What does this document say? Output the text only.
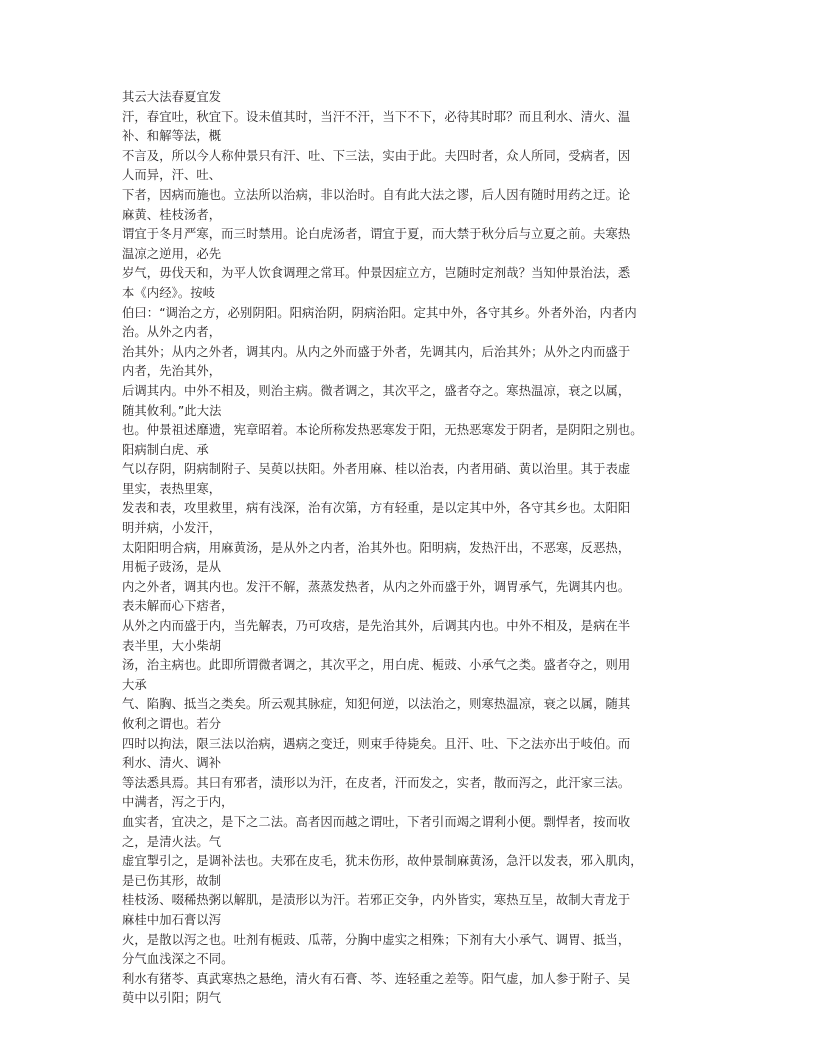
其云大法春夏宜发
汗，春宜吐，秋宜下。设未值其时，当汗不汗，当下不下，必待其时耶？而且利水、清火、温
补、和解等法，概
不言及，所以今人称仲景只有汗、吐、下三法，实由于此。夫四时者，众人所同，受病者，因
人而异，汗、吐、
下者，因病而施也。立法所以治病，非以治时。自有此大法之谬，后人因有随时用药之迂。论
麻黄、桂枝汤者，
谓宜于冬月严寒，而三时禁用。论白虎汤者，谓宜于夏，而大禁于秋分后与立夏之前。夫寒热
温凉之逆用，必先
岁气，毋伐天和，为平人饮食调理之常耳。仲景因症立方，岂随时定剂哉？当知仲景治法，悉
本《内经》。按岐
伯曰：“调治之方，必别阴阳。阳病治阴，阴病治阳。定其中外，各守其乡。外者外治，内者内
治。从外之内者，
治其外；从内之外者，调其内。从内之外而盛于外者，先调其内，后治其外；从外之内而盛于
内者，先治其外，
后调其内。中外不相及，则治主病。微者调之，其次平之，盛者夺之。寒热温凉，衰之以属，
随其攸利。”此大法
也。仲景祖述靡遗，宪章昭着。本论所称发热恶寒发于阳，无热恶寒发于阴者，是阴阳之别也。
阳病制白虎、承
气以存阴，阴病制附子、吴萸以扶阳。外者用麻、桂以治表，内者用硝、黄以治里。其于表虚
里实，表热里寒，
发表和表，攻里救里，病有浅深，治有次第，方有轻重，是以定其中外，各守其乡也。太阳阳
明并病，小发汗，
太阳阳明合病，用麻黄汤，是从外之内者，治其外也。阳明病，发热汗出，不恶寒，反恶热，
用栀子豉汤，是从
内之外者，调其内也。发汗不解，蒸蒸发热者，从内之外而盛于外，调胃承气，先调其内也。
表未解而心下痞者，
从外之内而盛于内，当先解表，乃可攻痞，是先治其外，后调其内也。中外不相及，是病在半
表半里，大小柴胡
汤，治主病也。此即所谓微者调之，其次平之，用白虎、栀豉、小承气之类。盛者夺之，则用
大承
气、陷胸、抵当之类矣。所云观其脉症，知犯何逆，以法治之，则寒热温凉，衰之以属，随其
攸利之谓也。若分
四时以拘法，限三法以治病，遇病之变迁，则束手待毙矣。且汗、吐、下之法亦出于岐伯。而
利水、清火、调补
等法悉具焉。其曰有邪者，渍形以为汗，在皮者，汗而发之，实者，散而泻之，此汗家三法。
中满者，泻之于内，
血实者，宜决之，是下之二法。高者因而越之谓吐，下者引而竭之谓利小便。剽悍者，按而收
之，是清火法。气
虚宜掣引之，是调补法也。夫邪在皮毛，犹未伤形，故仲景制麻黄汤，急汗以发表，邪入肌肉，
是已伤其形，故制
桂枝汤、啜稀热粥以解肌，是渍形以为汗。若邪正交争，内外皆实，寒热互呈，故制大青龙于
麻桂中加石膏以泻
火，是散以泻之也。吐剂有栀豉、瓜蒂，分胸中虚实之相殊；下剂有大小承气、调胃、抵当，
分气血浅深之不同。
利水有猪苓、真武寒热之悬绝，清火有石膏、芩、连轻重之差等。阳气虚，加人参于附子、吴
萸中以引阳；阴气
